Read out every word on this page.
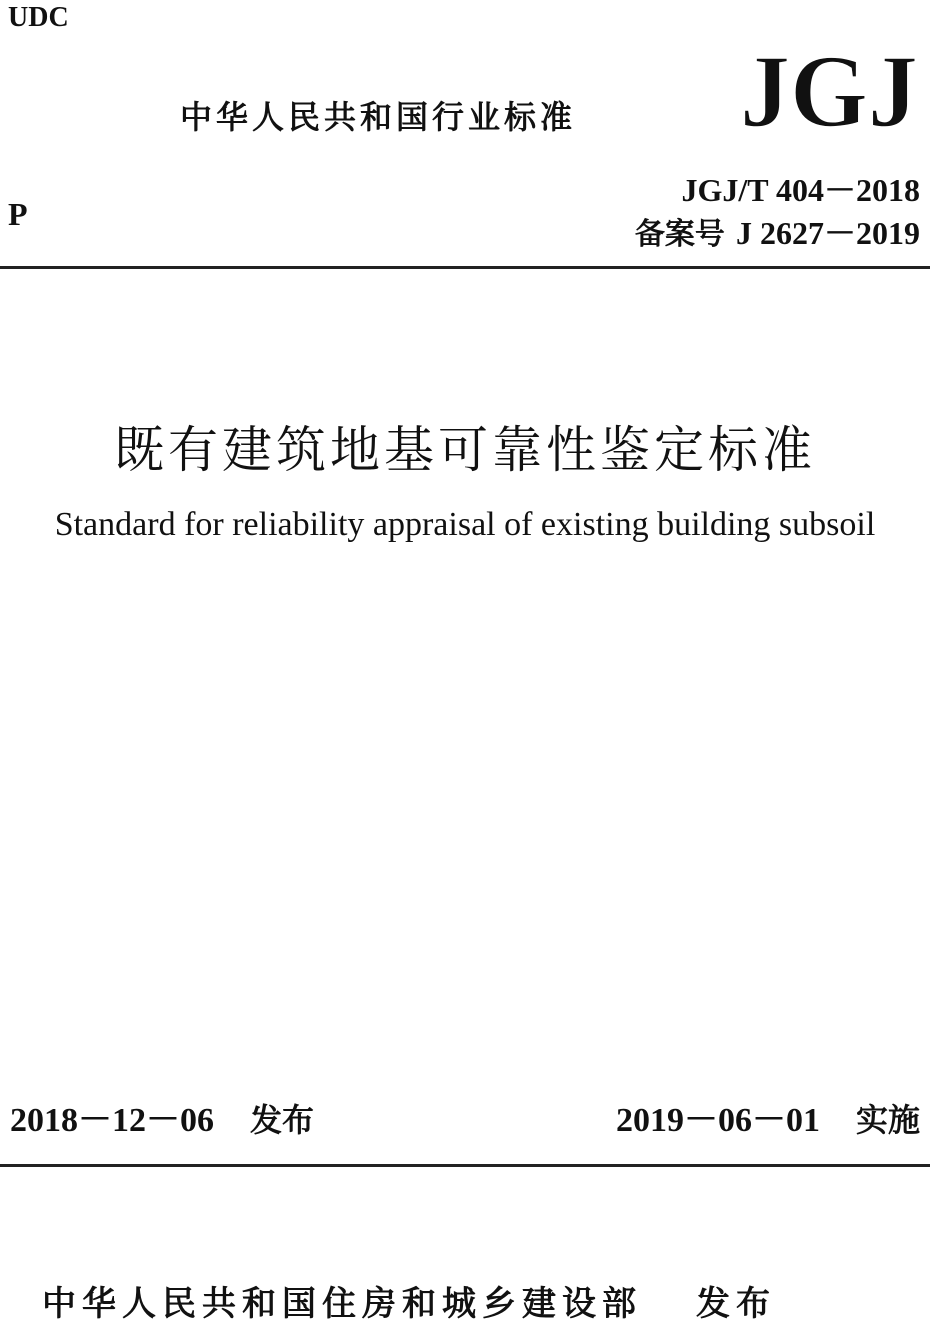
UDC
中华人民共和国行业标准 JGJ
P
JGJ/T 404－2018
备案号 J 2627－2019
既有建筑地基可靠性鉴定标准
Standard for reliability appraisal of existing building subsoil
2018－12－06 发布	2019－06－01 实施
中华人民共和国住房和城乡建设部 发布
